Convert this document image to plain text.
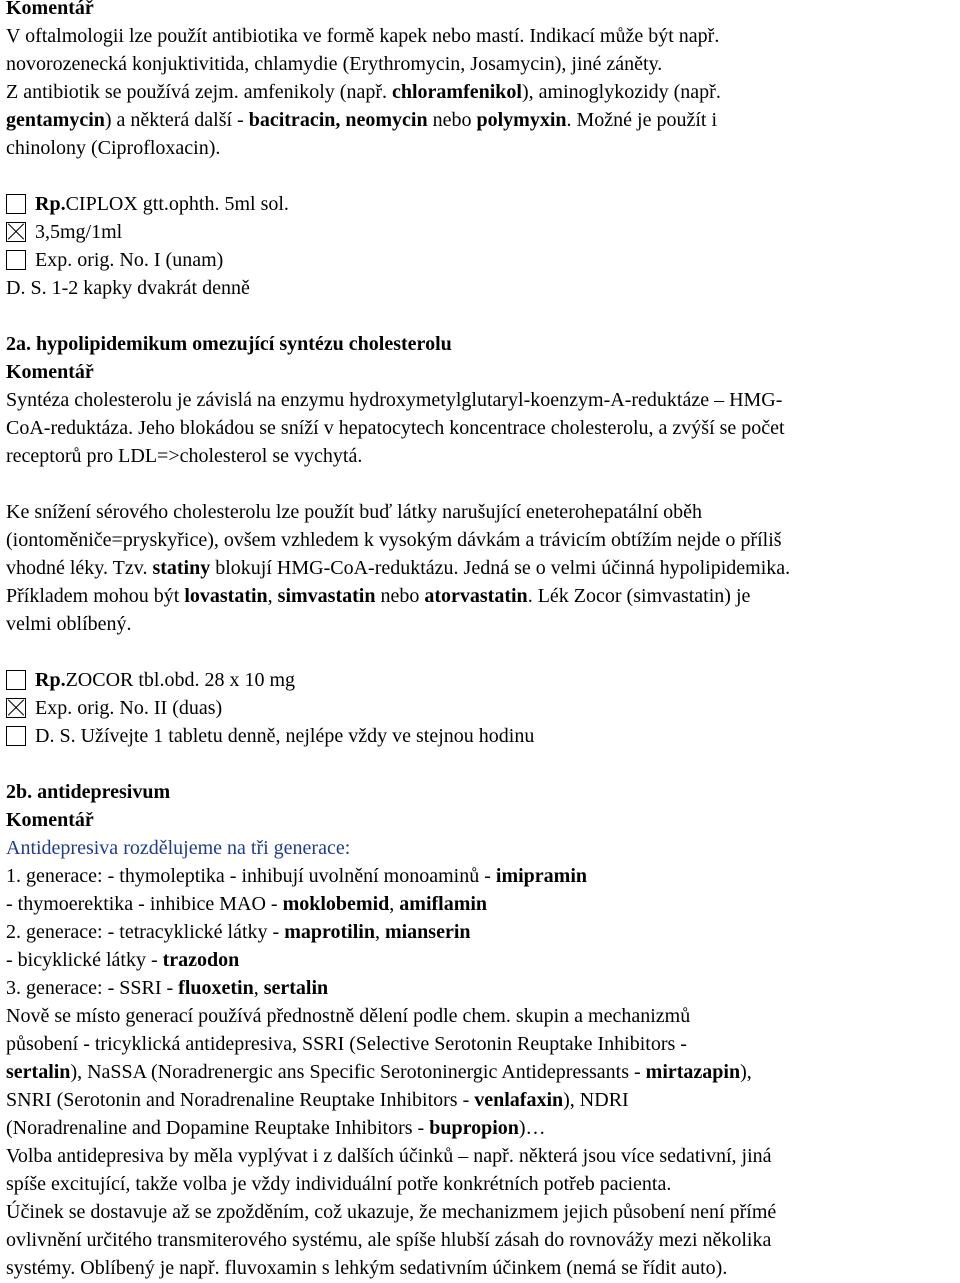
Komentář
V oftalmologii lze použít antibiotika ve formě kapek nebo mastí. Indikací může být např.
novorozenecká konjuktivitida, chlamydie (Erythromycin, Josamycin), jiné záněty.
Z antibiotik se používá zejm. amfenikoly (např. chloramfenikol), aminoglykozidy (např.
gentamycin) a některá další - bacitracin, neomycin nebo polymyxin. Možné je použít i
chinolony (Ciprofloxacin).
Rp. CIPLOX gtt.ophth. 5ml sol.
3,5mg/1ml
Exp. orig. No. I (unam)
D. S. 1-2 kapky dvakrát denně
2a. hypolipidemikum omezující syntézu cholesterolu
Komentář
Syntéza cholesterolu je závislá na enzymu hydroxymetylglutaryl-koenzym-A-reduktáze – HMG-
CoA-reduktáza. Jeho blokádou se sníží v hepatocytech koncentrace cholesterolu, a zvýší se počet
receptorů pro LDL=>cholesterol se vychytá.
Ke snížení sérového cholesterolu lze použít buď látky narušující eneterohepatální oběh
(iontoměniče=pryskyřice), ovšem vzhledem k vysokým dávkám a trávicím obtížím nejde o příliš
vhodné léky. Tzv. statiny blokují HMG-CoA-reduktázu. Jedná se o velmi účinná hypolipidemika.
Příkladem mohou být lovastatin, simvastatin nebo atorvastatin. Lék Zocor (simvastatin) je
velmi oblíbený.
Rp. ZOCOR tbl.obd. 28 x 10 mg
Exp. orig. No. II (duas)
D. S. Užívejte 1 tabletu denně, nejlépe vždy ve stejnou hodinu
2b. antidepresivum
Komentář
Antidepresiva rozdělujeme na tři generace:
1. generace: - thymoleptika - inhibují uvolnění monoaminů - imipramin
- thymoerektika - inhibice MAO - moklobemid, amiflamin
2. generace: - tetracyklické látky - maprotilin, mianserin
- bicyklické látky - trazodon
3. generace: - SSRI - fluoxetin, sertalin
Nově se místo generací používá přednostně dělení podle chem. skupin a mechanizmů
působení - tricyklická antidepresiva, SSRI (Selective Serotonin Reuptake Inhibitors -
sertalin), NaSSA (Noradrenergic ans Specific Serotoninergic Antidepressants - mirtazapin),
SNRI (Serotonin and Noradrenaline Reuptake Inhibitors - venlafaxin), NDRI
(Noradrenaline and Dopamine Reuptake Inhibitors - bupropion)…
Volba antidepresiva by měla vyplývat i z dalších účinků – např. některá jsou více sedativní, jiná
spíše excitující, takže volba je vždy individuální potře konkrétních potřeb pacienta.
Účinek se dostavuje až se zpožděním, což ukazuje, že mechanizmem jejich působení není přímé
ovlivnění určitého transmiterového systému, ale spíše hlubší zásah do rovnovážy mezi několika
systémy. Oblíbený je např. fluvoxamin s lehkým sedativním účinkem (nemá se řídit auto).
